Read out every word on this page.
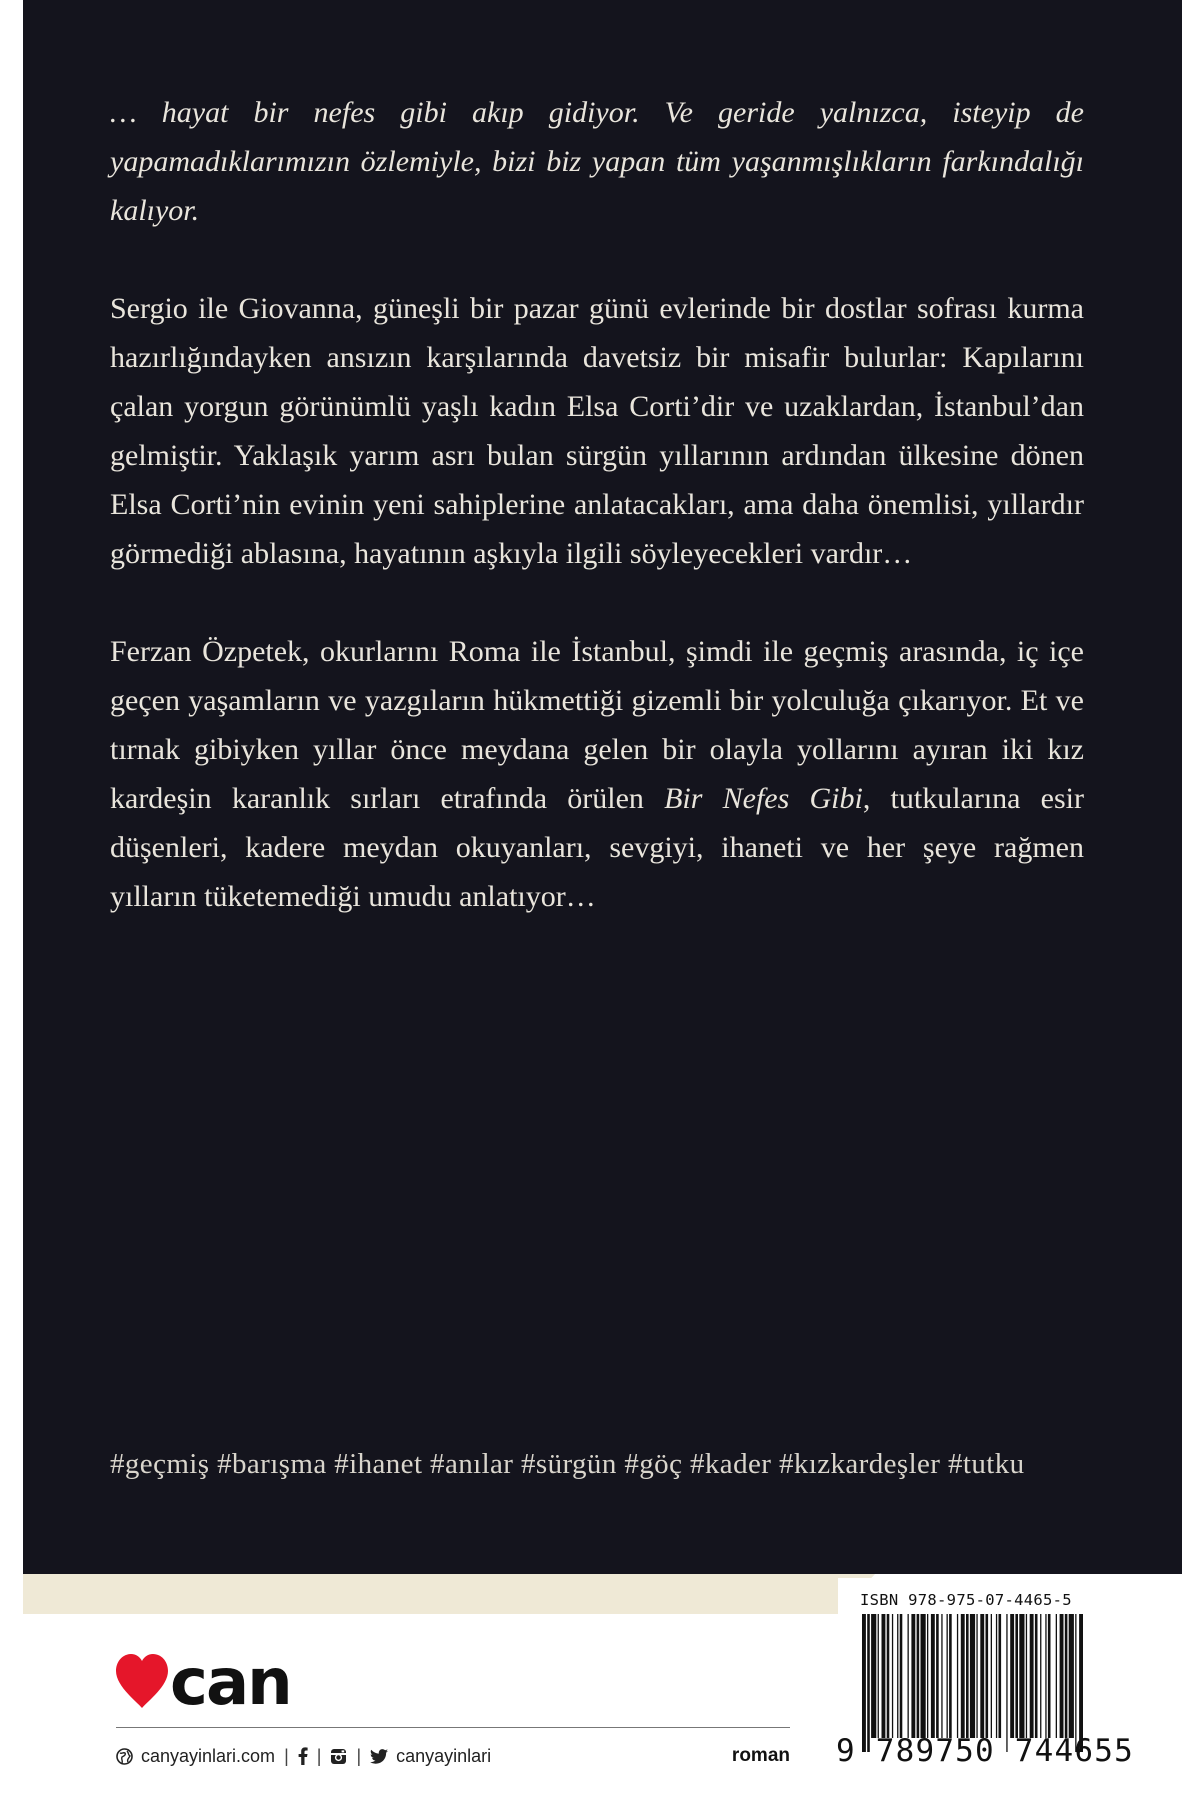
… hayat bir nefes gibi akıp gidiyor. Ve geride yalnızca, isteyip de yapamadıklarımızın özlemiyle, bizi biz yapan tüm yaşanmışlıkların farkındalığı kalıyor.

Sergio ile Giovanna, güneşli bir pazar günü evlerinde bir dostlar sofrası kurma hazırlığındayken ansızın karşılarında davetsiz bir misafir bulurlar: Kapılarını çalan yorgun görünümlü yaşlı kadın Elsa Corti’dir ve uzaklardan, İstanbul’dan gelmiştir. Yaklaşık yarım asrı bulan sürgün yıllarının ardından ülkesine dönen Elsa Corti’nin evinin yeni sahiplerine anlatacakları, ama daha önemlisi, yıllardır görmediği ablasına, hayatının aşkıyla ilgili söyleyecekleri vardır…

Ferzan Özpetek, okurlarını Roma ile İstanbul, şimdi ile geçmiş arasında, iç içe geçen yaşamların ve yazgıların hükmettiği gizemli bir yolculuğa çıkarıyor. Et ve tırnak gibiyken yıllar önce meydana gelen bir olayla yollarını ayıran iki kız kardeşin karanlık sırları etrafında örülen Bir Nefes Gibi, tutkularına esir düşenleri, kadere meydan okuyanları, sevgiyi, ihaneti ve her şeye rağmen yılların tüketemediği umudu anlatıyor…

#geçmiş #barışma #ihanet #anılar #sürgün #göç #kader #kızkardeşler #tutku
ISBN 978-975-07-4465-5
9 789750 744655
can
canyayinlari.com | | | canyayinlari	roman
